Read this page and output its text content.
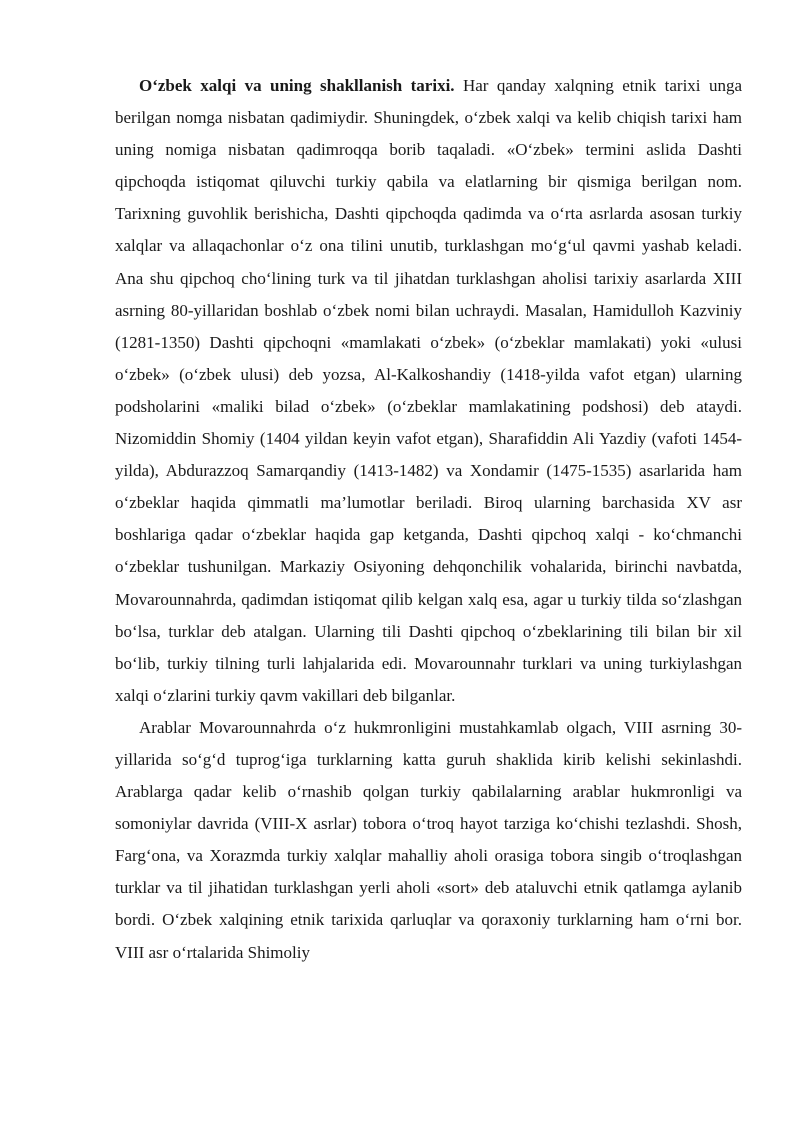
O‘zbek xalqi va uning shakllanish tarixi. Har qanday xalqning etnik tarixi unga berilgan nomga nisbatan qadimiydir. Shuningdek, o‘zbek xalqi va kelib chiqish tarixi ham uning nomiga nisbatan qadimroqqa borib taqaladi. «O‘zbek» termini aslida Dashti qipchoqda istiqomat qiluvchi turkiy qabila va elatlarning bir qismiga berilgan nom. Tarixning guvohlik berishicha, Dashti qipchoqda qadimda va o‘rta asrlarda asosan turkiy xalqlar va allaqachonlar o‘z ona tilini unutib, turklashgan mo‘g‘ul qavmi yashab keladi. Ana shu qipchoq cho‘lining turk va til jihatdan turklashgan aholisi tarixiy asarlarda XIII asrning 80-yillaridan boshlab o‘zbek nomi bilan uchraydi. Masalan, Hamidulloh Kazviniy (1281-1350) Dashti qipchoqni «mamlakati o‘zbek» (o‘zbeklar mamlakati) yoki «ulusi o‘zbek» (o‘zbek ulusi) deb yozsa, Al-Kalkoshandiy (1418-yilda vafot etgan) ularning podsholarini «maliki bilad o‘zbek» (o‘zbeklar mamlakatining podshosi) deb ataydi. Nizomiddin Shomiy (1404 yildan keyin vafot etgan), Sharafiddin Ali Yazdiy (vafoti 1454-yilda), Abdurazzoq Samarqandiy (1413-1482) va Xondamir (1475-1535) asarlarida ham o‘zbeklar haqida qimmatli ma’lumotlar beriladi. Biroq ularning barchasida XV asr boshlariga qadar o‘zbeklar haqida gap ketganda, Dashti qipchoq xalqi - ko‘chmanchi o‘zbeklar tushunilgan. Markaziy Osiyoning dehqonchilik vohalarida, birinchi navbatda, Movarounnahrda, qadimdan istiqomat qilib kelgan xalq esa, agar u turkiy tilda so‘zlashgan bo‘lsa, turklar deb atalgan. Ularning tili Dashti qipchoq o‘zbeklarining tili bilan bir xil bo‘lib, turkiy tilning turli lahjalarida edi. Movarounnahr turklari va uning turkiylashgan xalqi o‘zlarini turkiy qavm vakillari deb bilganlar.

Arablar Movarounnahrda o‘z hukmronligini mustahkamlab olgach, VIII asrning 30-yillarida so‘g‘d tuprog‘iga turklarning katta guruh shaklida kirib kelishi sekinlashdi. Arablarga qadar kelib o‘rnashib qolgan turkiy qabilalarning arablar hukmronligi va somoniylar davrida (VIII-X asrlar) tobora o‘troq hayot tarziga ko‘chishi tezlashdi. Shosh, Farg‘ona, va Xorazmda turkiy xalqlar mahalliy aholi orasiga tobora singib o‘troqlashgan turklar va til jihatidan turklashgan yerli aholi «sort» deb ataluvchi etnik qatlamga aylanib bordi. O‘zbek xalqining etnik tarixida qarluqlar va qoraxoniy turklarning ham o‘rni bor. VIII asr o‘rtalarida Shimoliy
